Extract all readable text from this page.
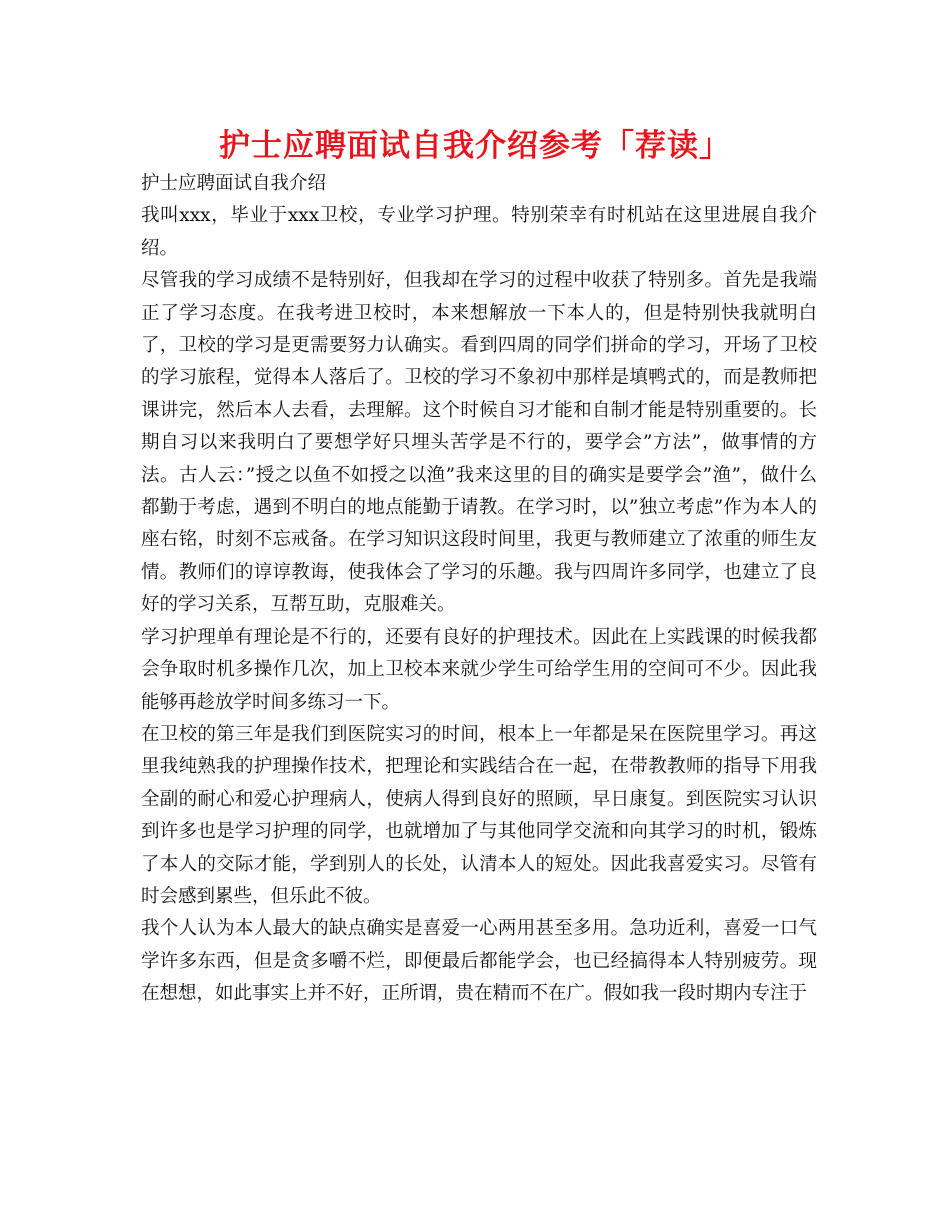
护士应聘面试自我介绍参考「荐读」
护士应聘面试自我介绍

我叫xxx，毕业于xxx卫校，专业学习护理。特别荣幸有时机站在这里进展自我介绍。

尽管我的学习成绩不是特别好，但我却在学习的过程中收获了特别多。首先是我端正了学习态度。在我考进卫校时，本来想解放一下本人的，但是特别快我就明白了，卫校的学习是更需要努力认确实。看到四周的同学们拼命的学习，开场了卫校的学习旅程，觉得本人落后了。卫校的学习不象初中那样是填鸭式的，而是教师把课讲完，然后本人去看，去理解。这个时候自习才能和自制才能是特别重要的。长期自习以来我明白了要想学好只埋头苦学是不行的，要学会”方法”，做事情的方法。古人云：”授之以鱼不如授之以渔”我来这里的目的确实是要学会”渔”，做什么都勤于考虑，遇到不明白的地点能勤于请教。在学习时，以”独立考虑”作为本人的座右铭，时刻不忘戒备。在学习知识这段时间里，我更与教师建立了浓重的师生友情。教师们的谆谆教诲，使我体会了学习的乐趣。我与四周许多同学，也建立了良好的学习关系，互帮互助，克服难关。

学习护理单有理论是不行的，还要有良好的护理技术。因此在上实践课的时候我都会争取时机多操作几次，加上卫校本来就少学生可给学生用的空间可不少。因此我能够再趁放学时间多练习一下。

在卫校的第三年是我们到医院实习的时间，根本上一年都是呆在医院里学习。再这里我纯熟我的护理操作技术，把理论和实践结合在一起，在带教教师的指导下用我全副的耐心和爱心护理病人，使病人得到良好的照顾，早日康复。到医院实习认识到许多也是学习护理的同学，也就增加了与其他同学交流和向其学习的时机，锻炼了本人的交际才能，学到别人的长处，认清本人的短处。因此我喜爱实习。尽管有时会感到累些，但乐此不彼。

我个人认为本人最大的缺点确实是喜爱一心两用甚至多用。急功近利，喜爱一口气学许多东西，但是贪多嚼不烂，即便最后都能学会，也已经搞得本人特别疲劳。现在想想，如此事实上并不好，正所谓，贵在精而不在广。假如我一段时期内专注于
